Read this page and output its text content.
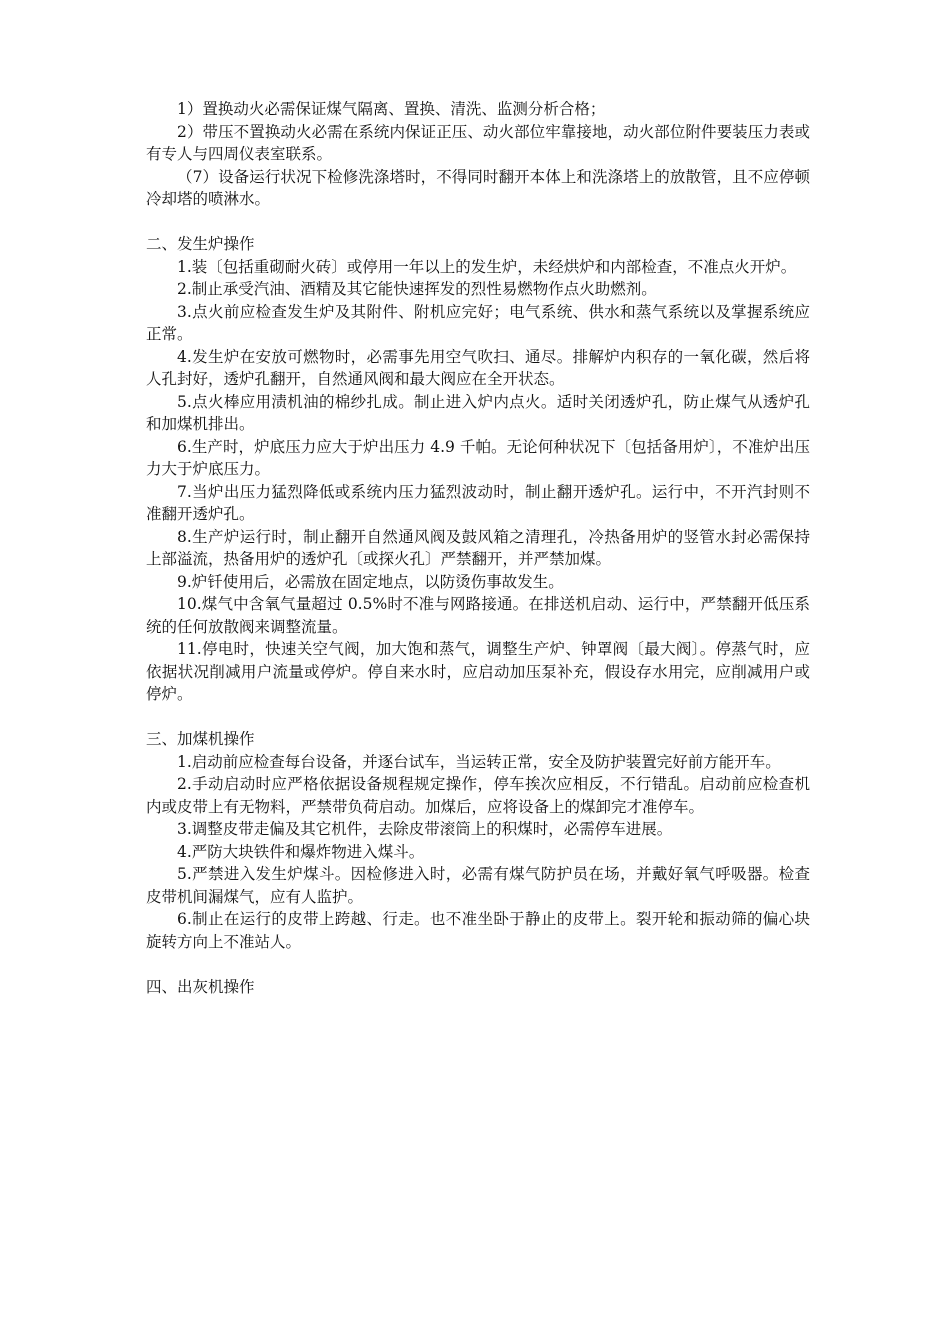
1）置换动火必需保证煤气隔离、置换、清洗、监测分析合格；

2）带压不置换动火必需在系统内保证正压、动火部位牢靠接地，动火部位附件要装压力表或有专人与四周仪表室联系。

（7）设备运行状况下检修洗涤塔时，不得同时翻开本体上和洗涤塔上的放散管，且不应停顿冷却塔的喷淋水。

二、发生炉操作

1.装〔包括重砌耐火砖〕或停用一年以上的发生炉，未经烘炉和内部检查，不准点火开炉。

2.制止承受汽油、酒精及其它能快速挥发的烈性易燃物作点火助燃剂。

3.点火前应检查发生炉及其附件、附机应完好；电气系统、供水和蒸气系统以及掌握系统应正常。

4.发生炉在安放可燃物时，必需事先用空气吹扫、通尽。排解炉内积存的一氧化碳，然后将人孔封好，透炉孔翻开，自然通风阀和最大阀应在全开状态。

5.点火棒应用渍机油的棉纱扎成。制止进入炉内点火。适时关闭透炉孔，防止煤气从透炉孔和加煤机排出。

6.生产时，炉底压力应大于炉出压力 4.9 千帕。无论何种状况下〔包括备用炉〕，不准炉出压力大于炉底压力。

7.当炉出压力猛烈降低或系统内压力猛烈波动时，制止翻开透炉孔。运行中，不开汽封则不准翻开透炉孔。

8.生产炉运行时，制止翻开自然通风阀及鼓风箱之清理孔，冷热备用炉的竖管水封必需保持上部溢流，热备用炉的透炉孔〔或探火孔〕严禁翻开，并严禁加煤。

9.炉钎使用后，必需放在固定地点，以防烫伤事故发生。

10.煤气中含氧气量超过 0.5%时不准与网路接通。在排送机启动、运行中，严禁翻开低压系统的任何放散阀来调整流量。

11.停电时，快速关空气阀，加大饱和蒸气，调整生产炉、钟罩阀〔最大阀〕。停蒸气时，应依据状况削减用户流量或停炉。停自来水时，应启动加压泵补充，假设存水用完，应削减用户或停炉。

三、加煤机操作

1.启动前应检查每台设备，并逐台试车，当运转正常，安全及防护装置完好前方能开车。

2.手动启动时应严格依据设备规程规定操作，停车挨次应相反，不行错乱。启动前应检查机内或皮带上有无物料，严禁带负荷启动。加煤后，应将设备上的煤卸完才准停车。

3.调整皮带走偏及其它机件，去除皮带滚筒上的积煤时，必需停车进展。

4.严防大块铁件和爆炸物进入煤斗。

5.严禁进入发生炉煤斗。因检修进入时，必需有煤气防护员在场，并戴好氧气呼吸器。检查皮带机间漏煤气，应有人监护。

6.制止在运行的皮带上跨越、行走。也不准坐卧于静止的皮带上。裂开轮和振动筛的偏心块旋转方向上不准站人。

四、出灰机操作
